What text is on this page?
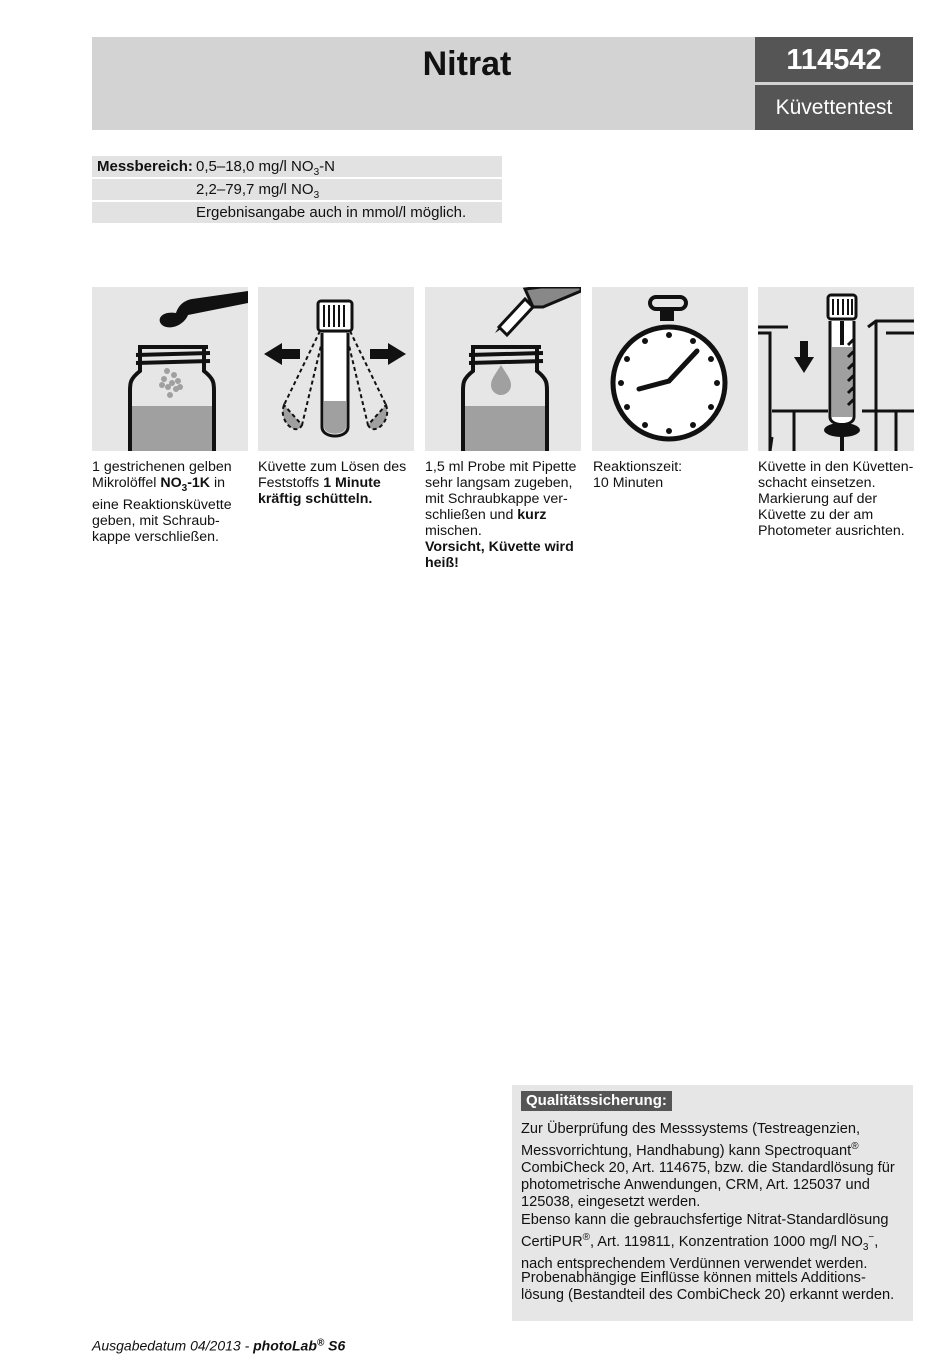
Nitrat	114542
Küvettentest
Messbereich: 0,5–18,0 mg/l $NO_3-N$
2,2–79,7 mg/l $NO_3$
Ergebnisangabe auch in mmol/l möglich.
1 gestrichenen gelben
Mikrolöffel $NO_3-1K$ in
eine Reaktionsküvette
geben, mit Schraub-
kappe verschließen.
Küvette zum Lösen des
Feststoffs 1 Minute
kräftig schütteln.
1,5 ml Probe mit Pipette
sehr langsam zugeben,
mit Schraubkappe ver-
schließen und kurz
mischen.
Vorsicht, Küvette wird
heiß!
Reaktionszeit:
10 Minuten
Küvette in den Küvetten-
schacht einsetzen.
Markierung auf der
Küvette zu der am
Photometer ausrichten.
Qualitätssicherung:
Zur Überprüfung des Messsystems (Testreagenzien,
Messvorrichtung, Handhabung) kann Spectroquant®
CombiCheck 20, Art. 114675, bzw. die Standardlösung für
photometrische Anwendungen, CRM, Art. 125037 und
125038, eingesetzt werden.
Ebenso kann die gebrauchsfertige Nitrat-Standardlösung
CertiPUR®, Art. 119811, Konzentration 1000 mg/l $NO_3^-$,
nach entsprechendem Verdünnen verwendet werden.
Probenabhängige Einflüsse können mittels Additions-
lösung (Bestandteil des CombiCheck 20) erkannt werden.
Ausgabedatum 04/2013 - photoLab® S6
